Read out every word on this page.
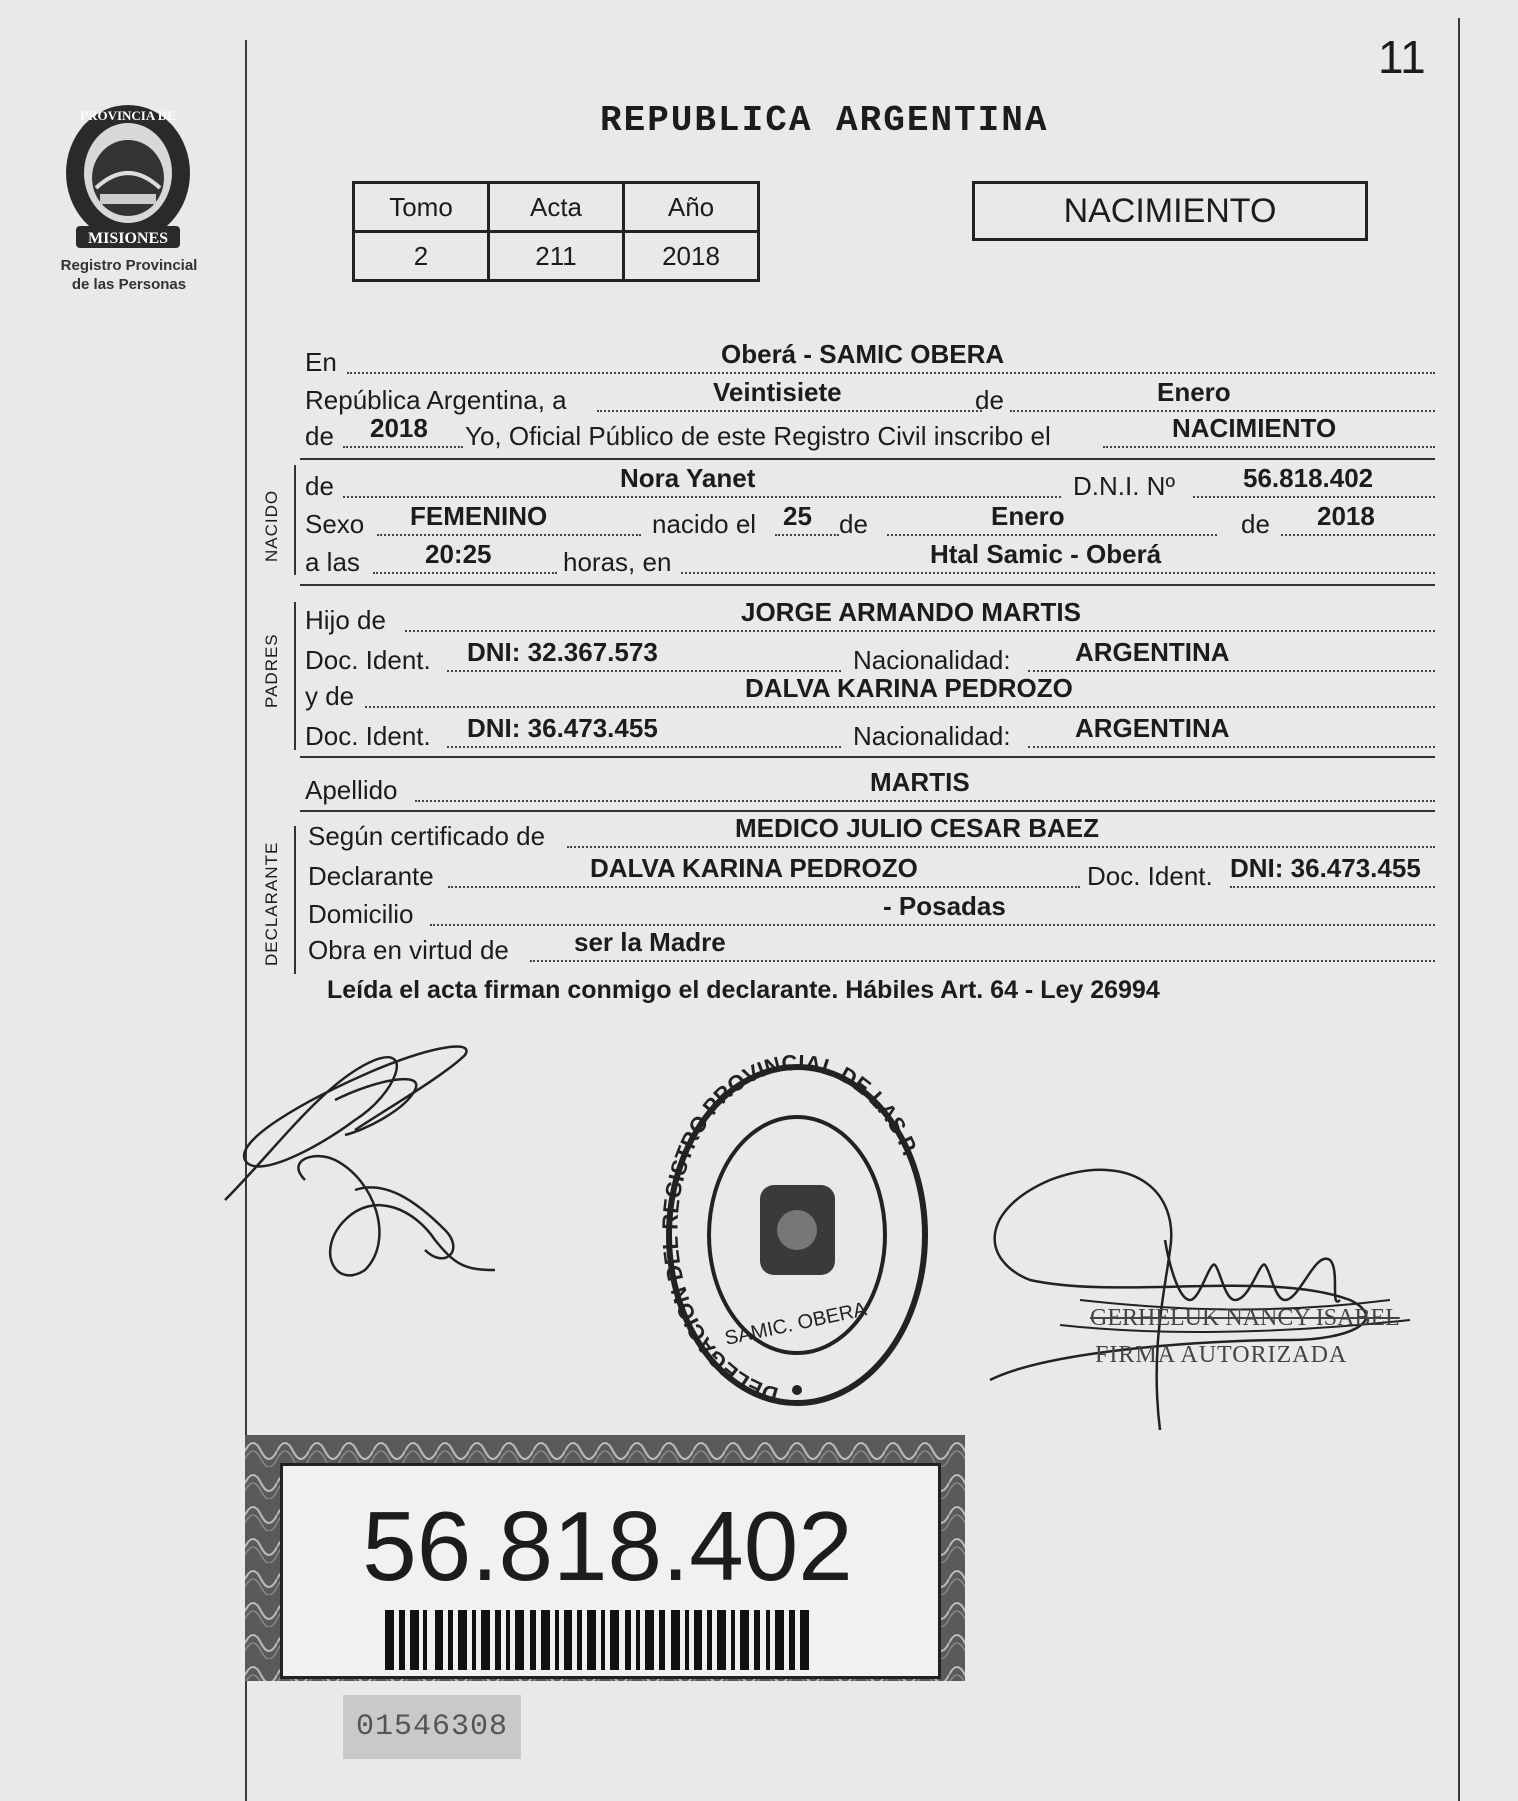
11
PROVINCIA DE
MISIONES
Registro Provincial
de las Personas
REPUBLICA ARGENTINA
Tomo	Acta	Año
2	211	2018
NACIMIENTO
En	Oberá - SAMIC OBERA
República Argentina, a	Veintisiete	de	Enero
de 2018 Yo, Oficial Público de este Registro Civil inscribo el	NACIMIENTO
NACIDO
de	Nora Yanet	D.N.I. Nº	56.818.402
Sexo FEMENINO	nacido el 25 de	Enero	de 2018
a las	20:25	horas, en	Htal Samic - Oberá
PADRES
Hijo de	JORGE ARMANDO MARTIS
Doc. Ident. DNI: 32.367.573	Nacionalidad: ARGENTINA
y de	DALVA KARINA PEDROZO
Doc. Ident. DNI: 36.473.455	Nacionalidad: ARGENTINA
Apellido	MARTIS
DECLARANTE
Según certificado de	MEDICO JULIO CESAR BAEZ
Declarante	DALVA KARINA PEDROZO	Doc. Ident. DNI: 36.473.455
Domicilio	- Posadas
Obra en virtud de	ser la Madre
Leída el acta firman conmigo el declarante. Hábiles Art. 64 - Ley 26994
DELEGACION DEL REGISTRO PROVINCIAL DE LAS P.
SAMIC. OBERA	GERHELUK NANCY ISABEL
FIRMA AUTORIZADA
56.818.402
01546308
